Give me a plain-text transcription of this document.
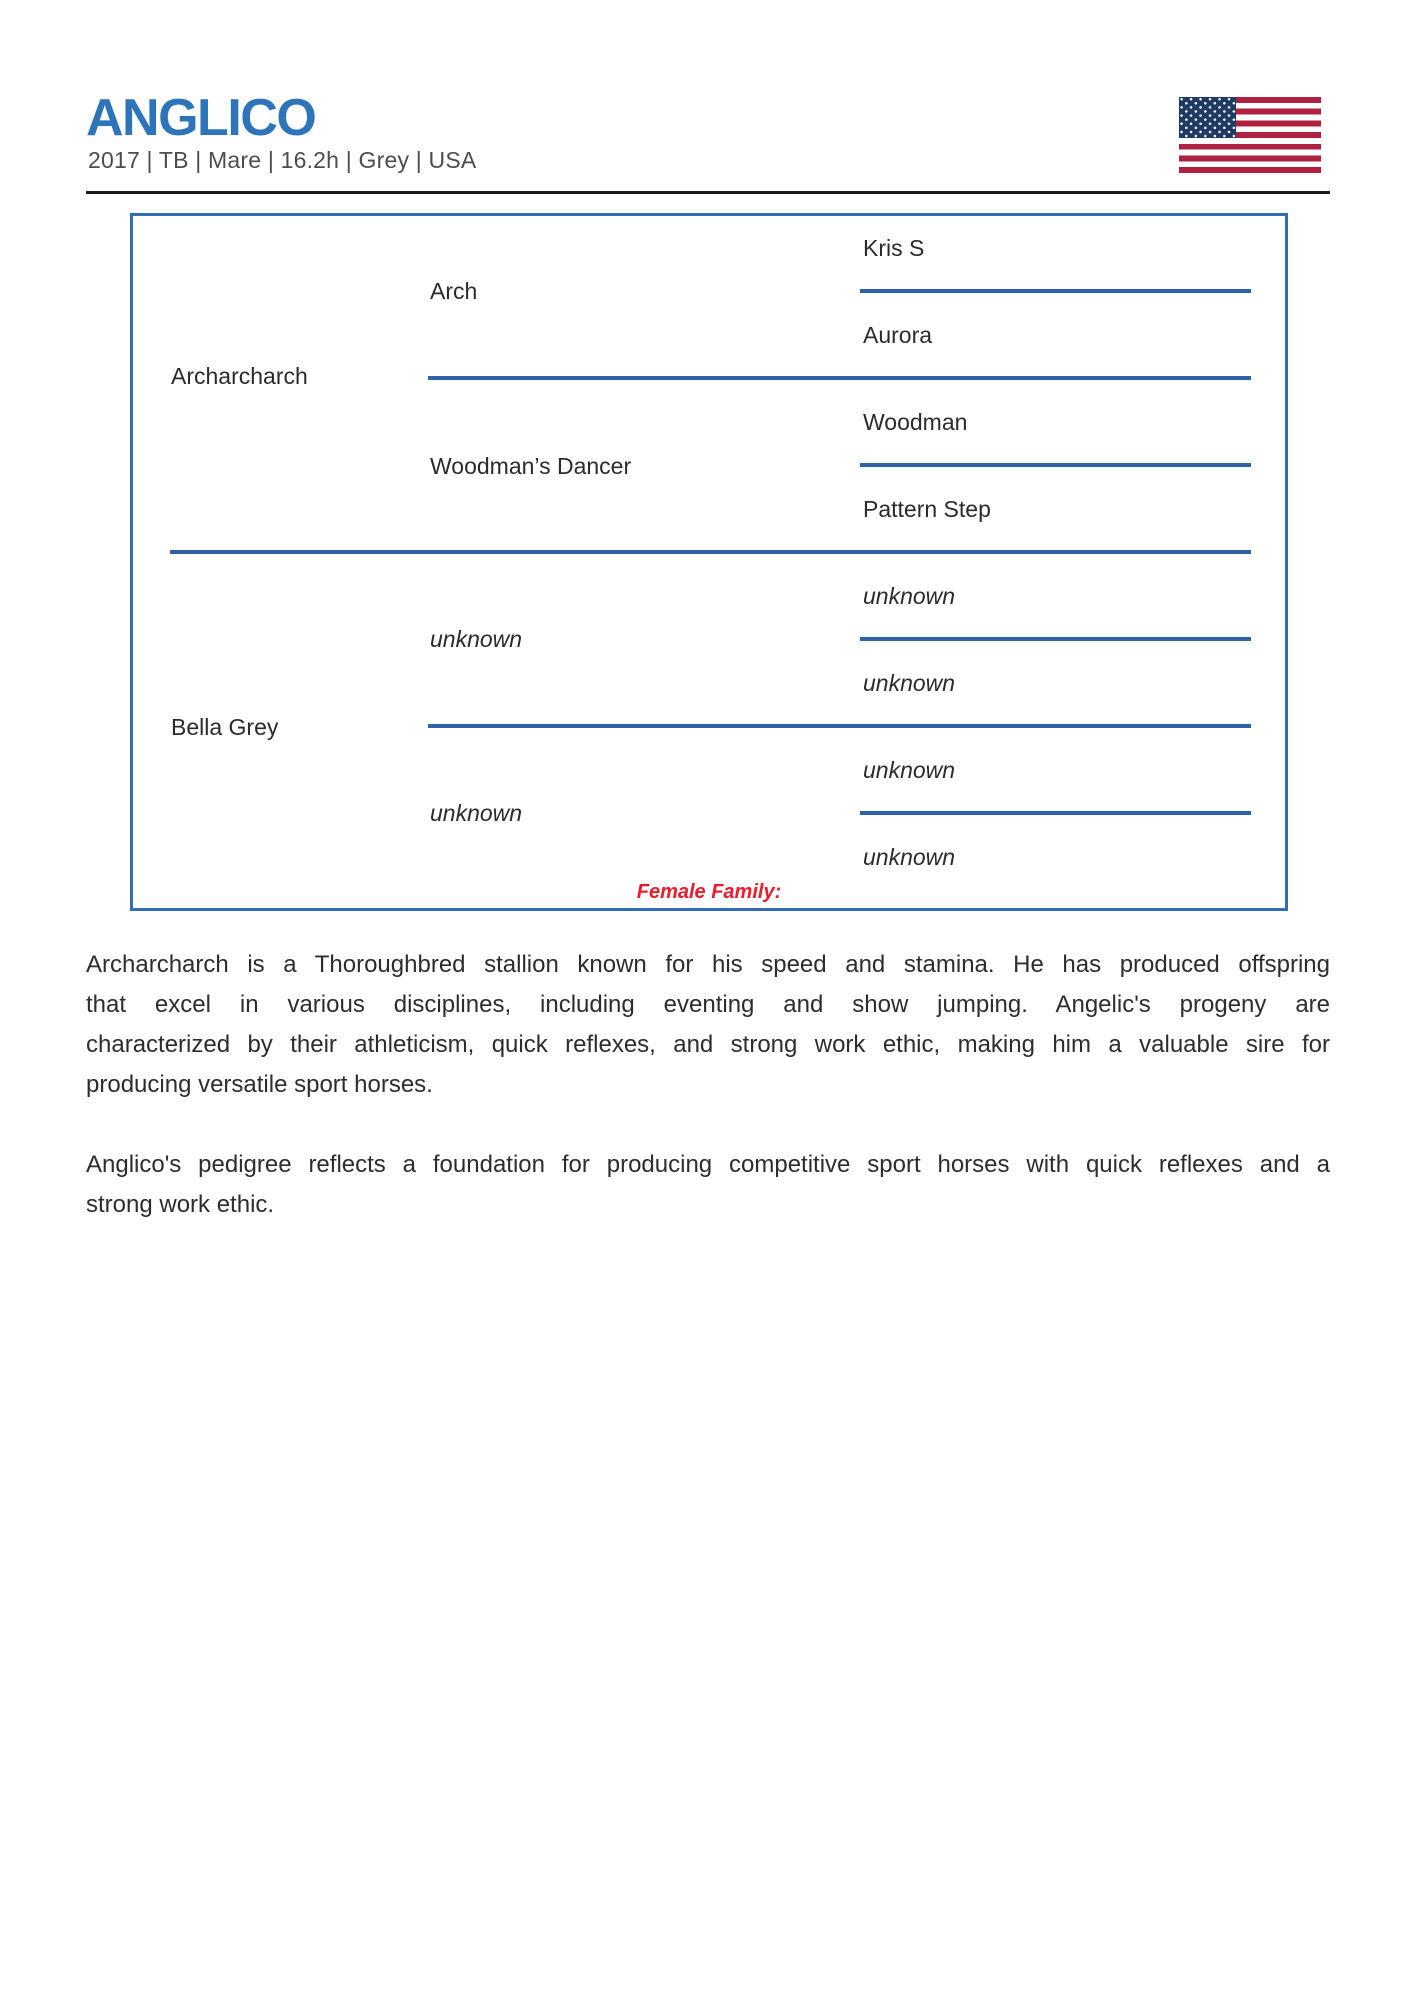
ANGLICO
2017 | TB | Mare | 16.2h | Grey | USA
Archarcharch
Bella Grey
Arch
Woodman’s Dancer
unknown
unknown
Kris S
Aurora
Woodman
Pattern Step
unknown
unknown
unknown
unknown
Female Family:
Archarcharch is a Thoroughbred stallion known for his speed and stamina. He has produced offspring
that excel in various disciplines, including eventing and show jumping. Angelic's progeny are
characterized by their athleticism, quick reflexes, and strong work ethic, making him a valuable sire for
producing versatile sport horses.
Anglico's pedigree reflects a foundation for producing competitive sport horses with quick reflexes and a
strong work ethic.
